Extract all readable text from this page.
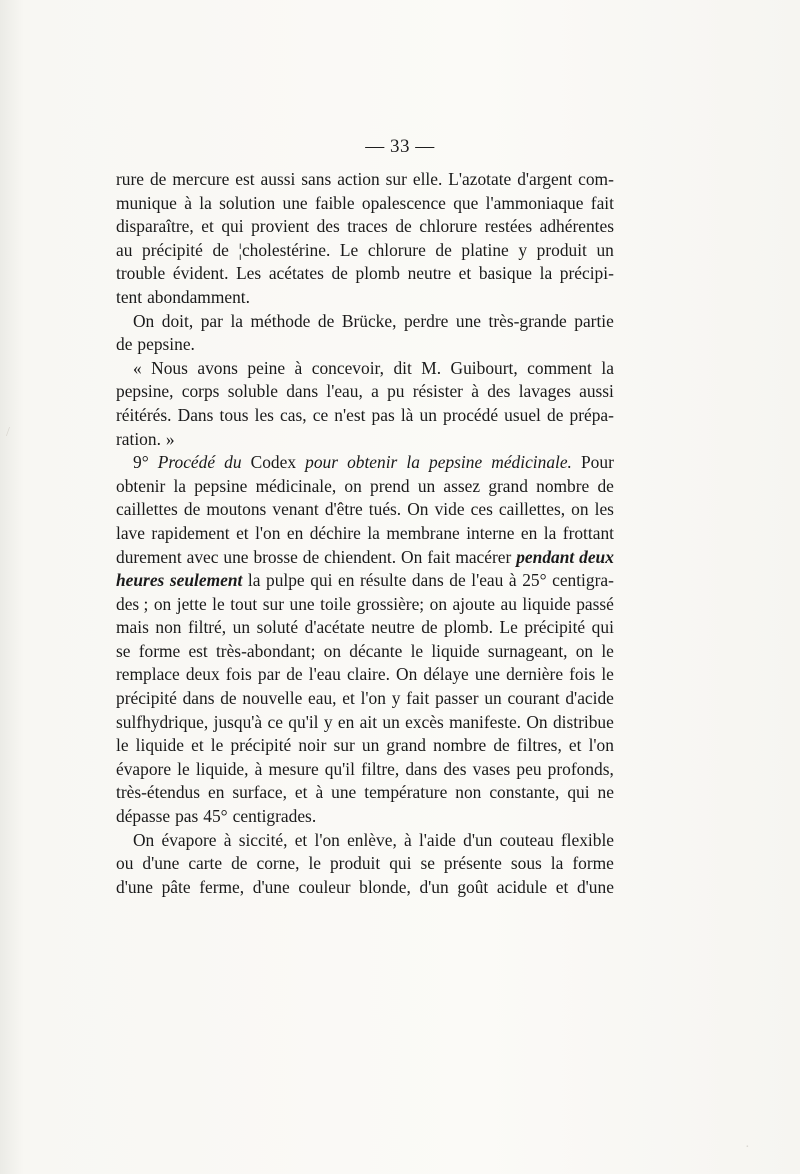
— 33 —
rure de mercure est aussi sans action sur elle. L'azotate d'argent com-
munique à la solution une faible opalescence que l'ammoniaque fait
disparaître, et qui provient des traces de chlorure restées adhérentes
au précipité de ¦cholestérine. Le chlorure de platine y produit un
trouble évident. Les acétates de plomb neutre et basique la précipi-
tent abondamment.
On doit, par la méthode de Brücke, perdre une très-grande partie
de pepsine.
« Nous avons peine à concevoir, dit M. Guibourt, comment la
pepsine, corps soluble dans l'eau, a pu résister à des lavages aussi
réitérés. Dans tous les cas, ce n'est pas là un procédé usuel de prépa-
ration. »
9° Procédé du Codex pour obtenir la pepsine médicinale. Pour
obtenir la pepsine médicinale, on prend un assez grand nombre de
caillettes de moutons venant d'être tués. On vide ces caillettes, on les
lave rapidement et l'on en déchire la membrane interne en la frottant
durement avec une brosse de chiendent. On fait macérer pendant deux
heures seulement la pulpe qui en résulte dans de l'eau à 25° centigra-
des ; on jette le tout sur une toile grossière; on ajoute au liquide passé
mais non filtré, un soluté d'acétate neutre de plomb. Le précipité qui
se forme est très-abondant; on décante le liquide surnageant, on le
remplace deux fois par de l'eau claire. On délaye une dernière fois le
précipité dans de nouvelle eau, et l'on y fait passer un courant d'acide
sulfhydrique, jusqu'à ce qu'il y en ait un excès manifeste. On distribue
le liquide et le précipité noir sur un grand nombre de filtres, et l'on
évapore le liquide, à mesure qu'il filtre, dans des vases peu profonds,
très-étendus en surface, et à une température non constante, qui ne
dépasse pas 45° centigrades.
On évapore à siccité, et l'on enlève, à l'aide d'un couteau flexible
ou d'une carte de corne, le produit qui se présente sous la forme
d'une pâte ferme, d'une couleur blonde, d'un goût acidule et d'une
/
·
